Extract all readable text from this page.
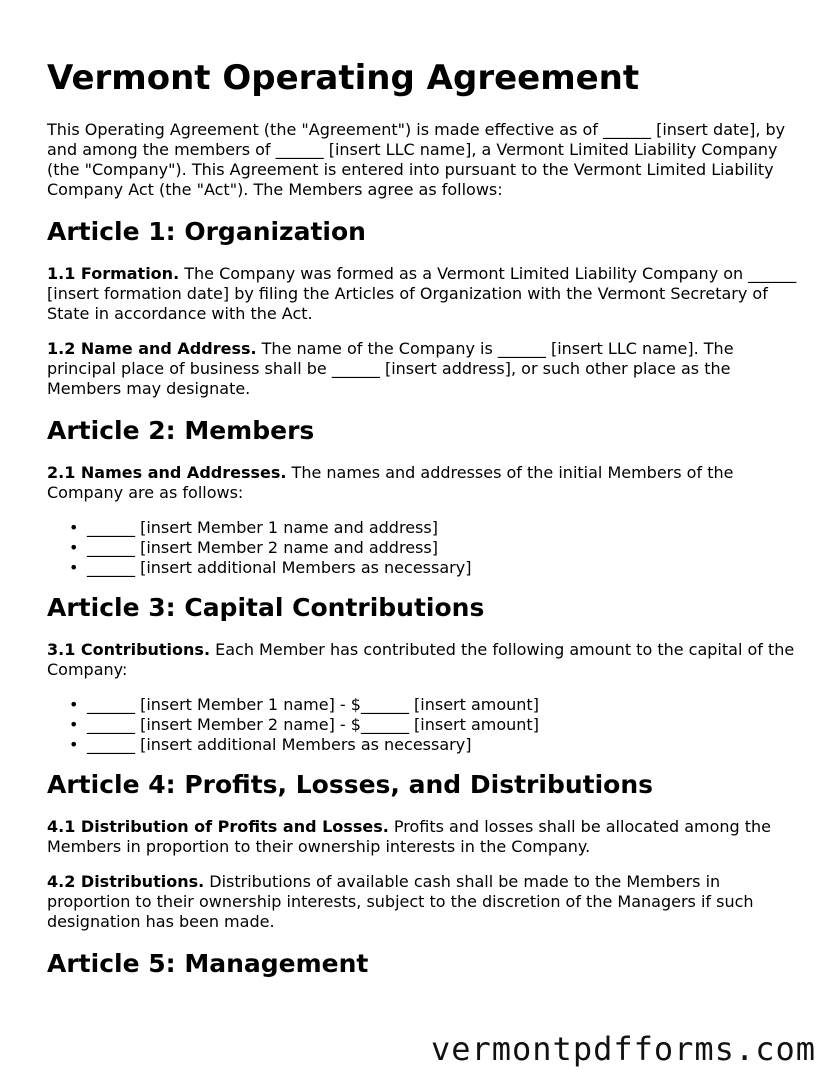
Vermont Operating Agreement

This Operating Agreement (the "Agreement") is made effective as of ______ [insert date], by and among the members of ______ [insert LLC name], a Vermont Limited Liability Company (the "Company"). This Agreement is entered into pursuant to the Vermont Limited Liability Company Act (the "Act"). The Members agree as follows:

Article 1: Organization

1.1 Formation. The Company was formed as a Vermont Limited Liability Company on ______ [insert formation date] by filing the Articles of Organization with the Vermont Secretary of State in accordance with the Act.

1.2 Name and Address. The name of the Company is ______ [insert LLC name]. The principal place of business shall be ______ [insert address], or such other place as the Members may designate.

Article 2: Members

2.1 Names and Addresses. The names and addresses of the initial Members of the Company are as follows:

• ______ [insert Member 1 name and address]
• ______ [insert Member 2 name and address]
• ______ [insert additional Members as necessary]
Article 3: Capital Contributions

3.1 Contributions. Each Member has contributed the following amount to the capital of the Company:

• ______ [insert Member 1 name] - $______ [insert amount]
• ______ [insert Member 2 name] - $______ [insert amount]
• ______ [insert additional Members as necessary]
Article 4: Profits, Losses, and Distributions

4.1 Distribution of Profits and Losses. Profits and losses shall be allocated among the Members in proportion to their ownership interests in the Company.

4.2 Distributions. Distributions of available cash shall be made to the Members in proportion to their ownership interests, subject to the discretion of the Managers if such designation has been made.

Article 5: Management
vermontpdfforms.com
